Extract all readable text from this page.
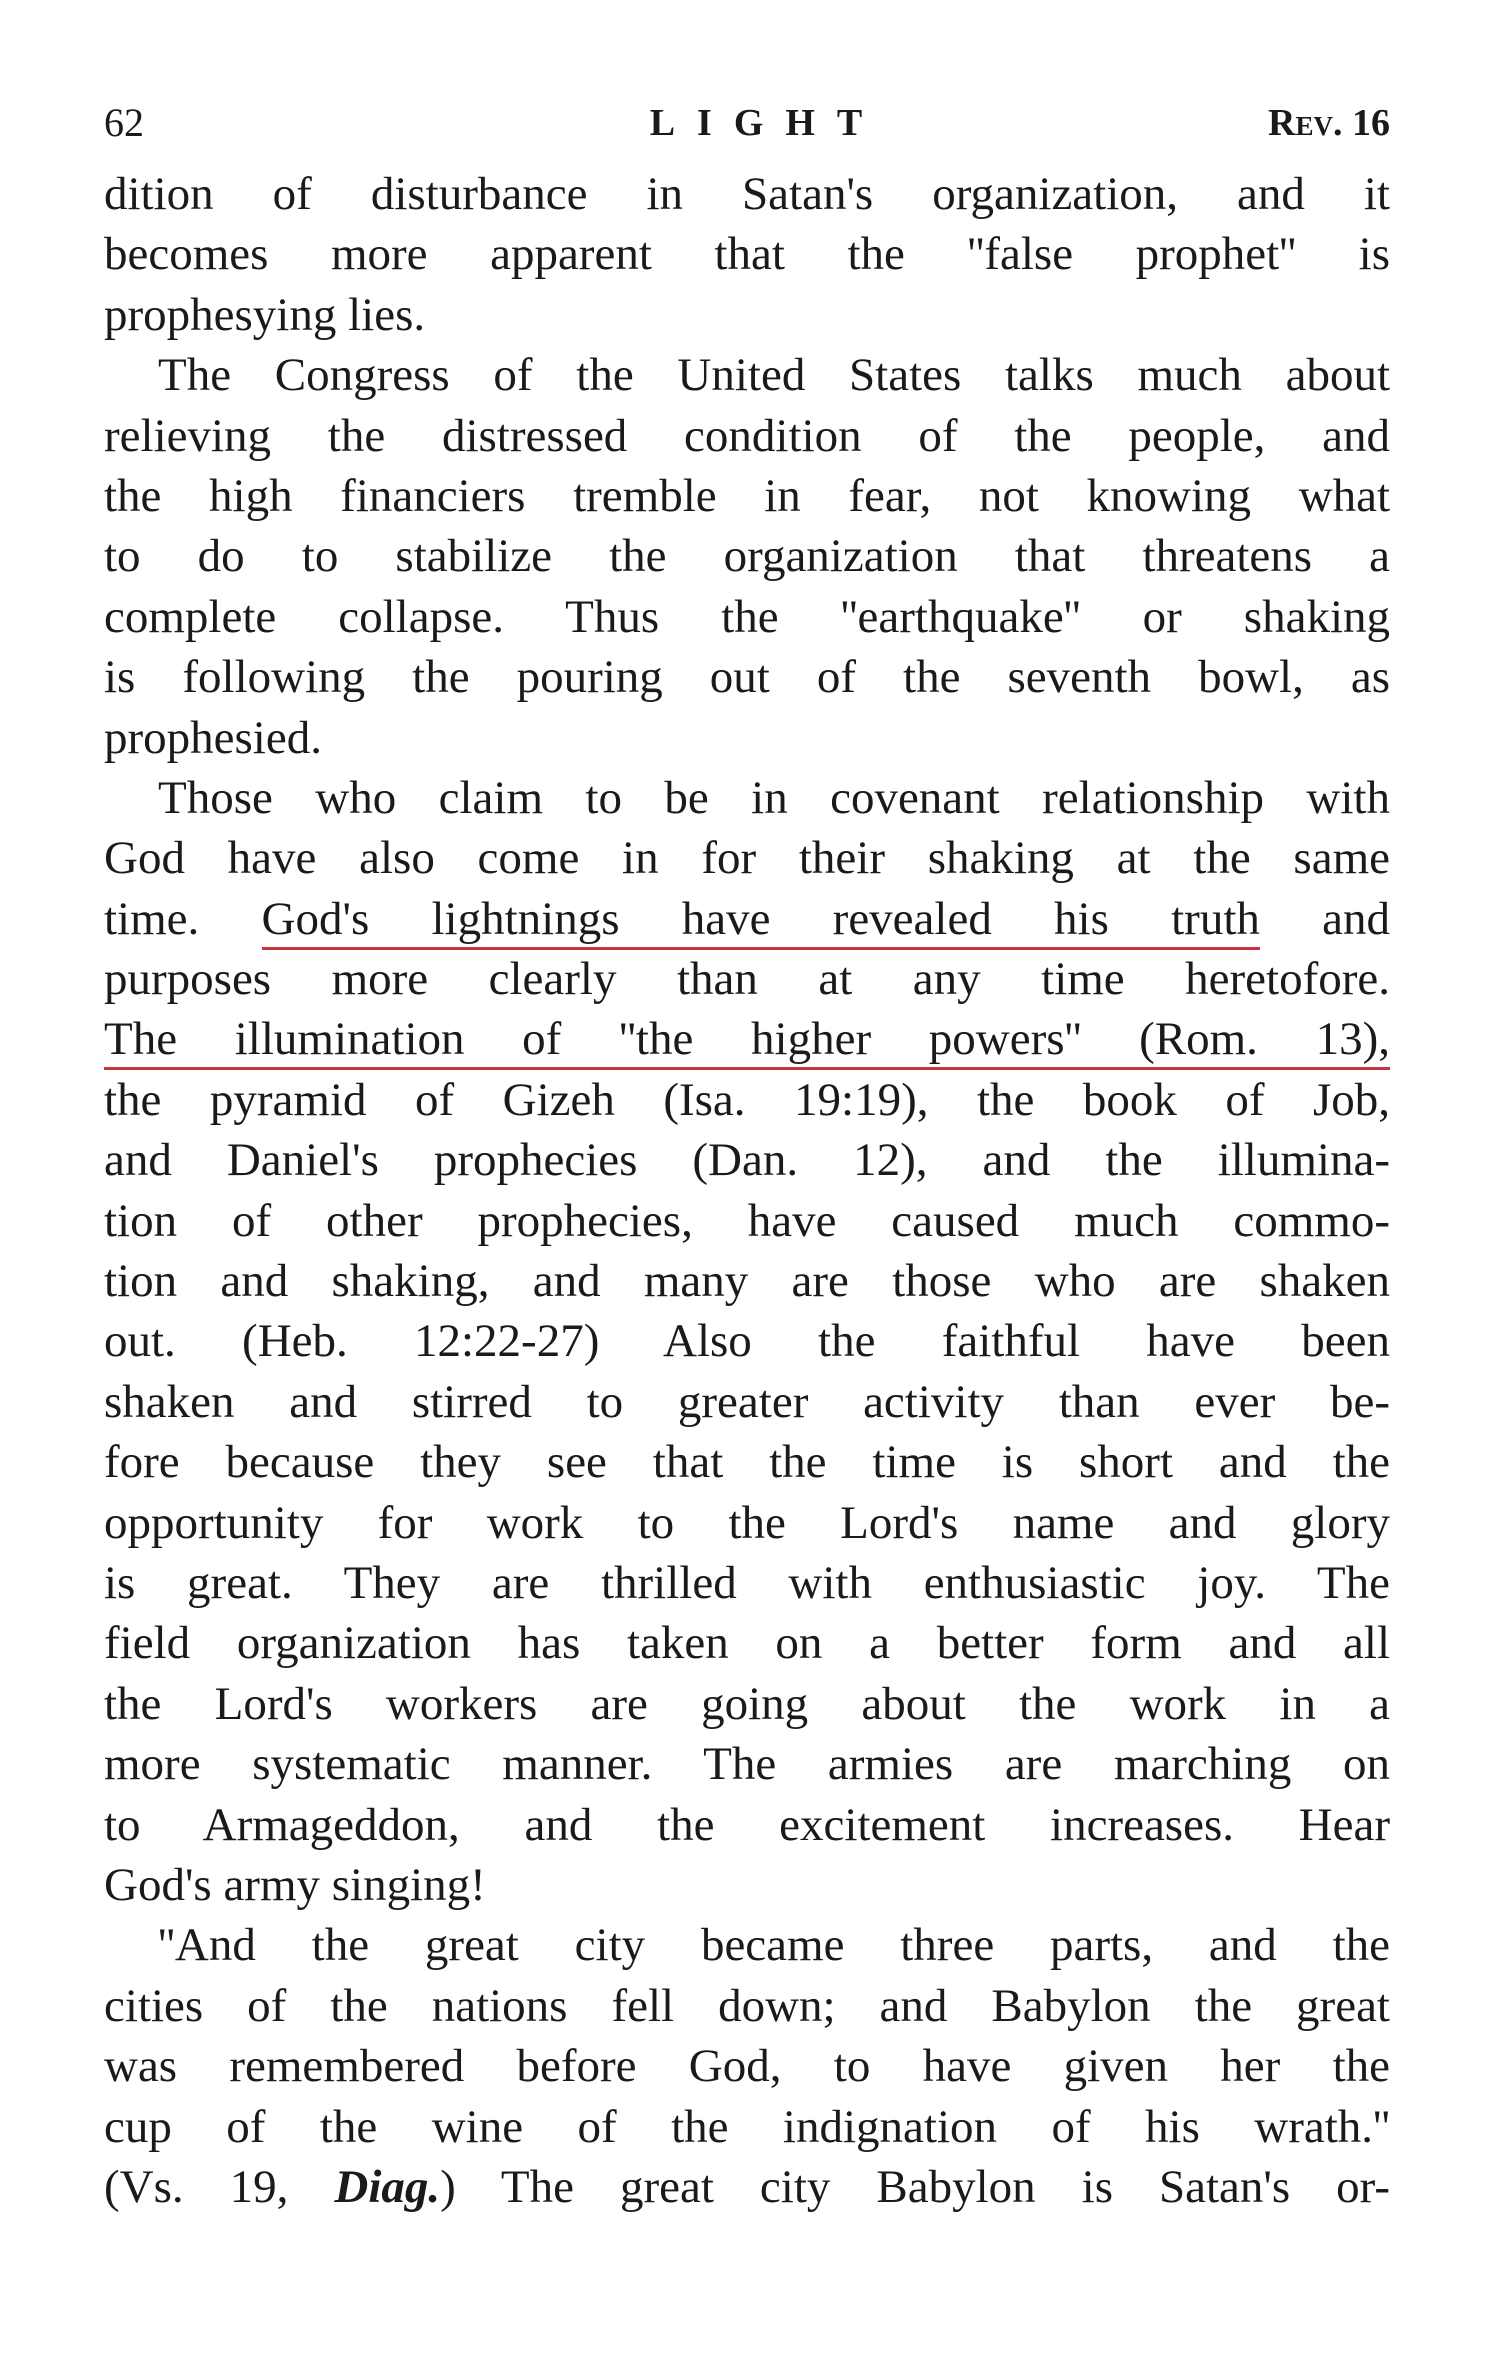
62	LIGHT	Rev. 16
dition of disturbance in Satan's organization, and it
becomes more apparent that the ''false prophet'' is
prophesying lies.
The Congress of the United States talks much about
relieving the distressed condition of the people, and
the high financiers tremble in fear, not knowing what
to do to stabilize the organization that threatens a
complete collapse. Thus the ''earthquake'' or shaking
is following the pouring out of the seventh bowl, as
prophesied.
Those who claim to be in covenant relationship with
God have also come in for their shaking at the same
time. God's lightnings have revealed his truth and
purposes more clearly than at any time heretofore.
The illumination of ''the higher powers'' (Rom. 13),
the pyramid of Gizeh (Isa. 19:19), the book of Job,
and Daniel's prophecies (Dan. 12), and the illumina-
tion of other prophecies, have caused much commo-
tion and shaking, and many are those who are shaken
out. (Heb. 12:22-27) Also the faithful have been
shaken and stirred to greater activity than ever be-
fore because they see that the time is short and the
opportunity for work to the Lord's name and glory
is great. They are thrilled with enthusiastic joy. The
field organization has taken on a better form and all
the Lord's workers are going about the work in a
more systematic manner. The armies are marching on
to Armageddon, and the excitement increases. Hear
God's army singing!
''And the great city became three parts, and the
cities of the nations fell down; and Babylon the great
was remembered before God, to have given her the
cup of the wine of the indignation of his wrath.''
(Vs. 19, Diag.) The great city Babylon is Satan's or-
